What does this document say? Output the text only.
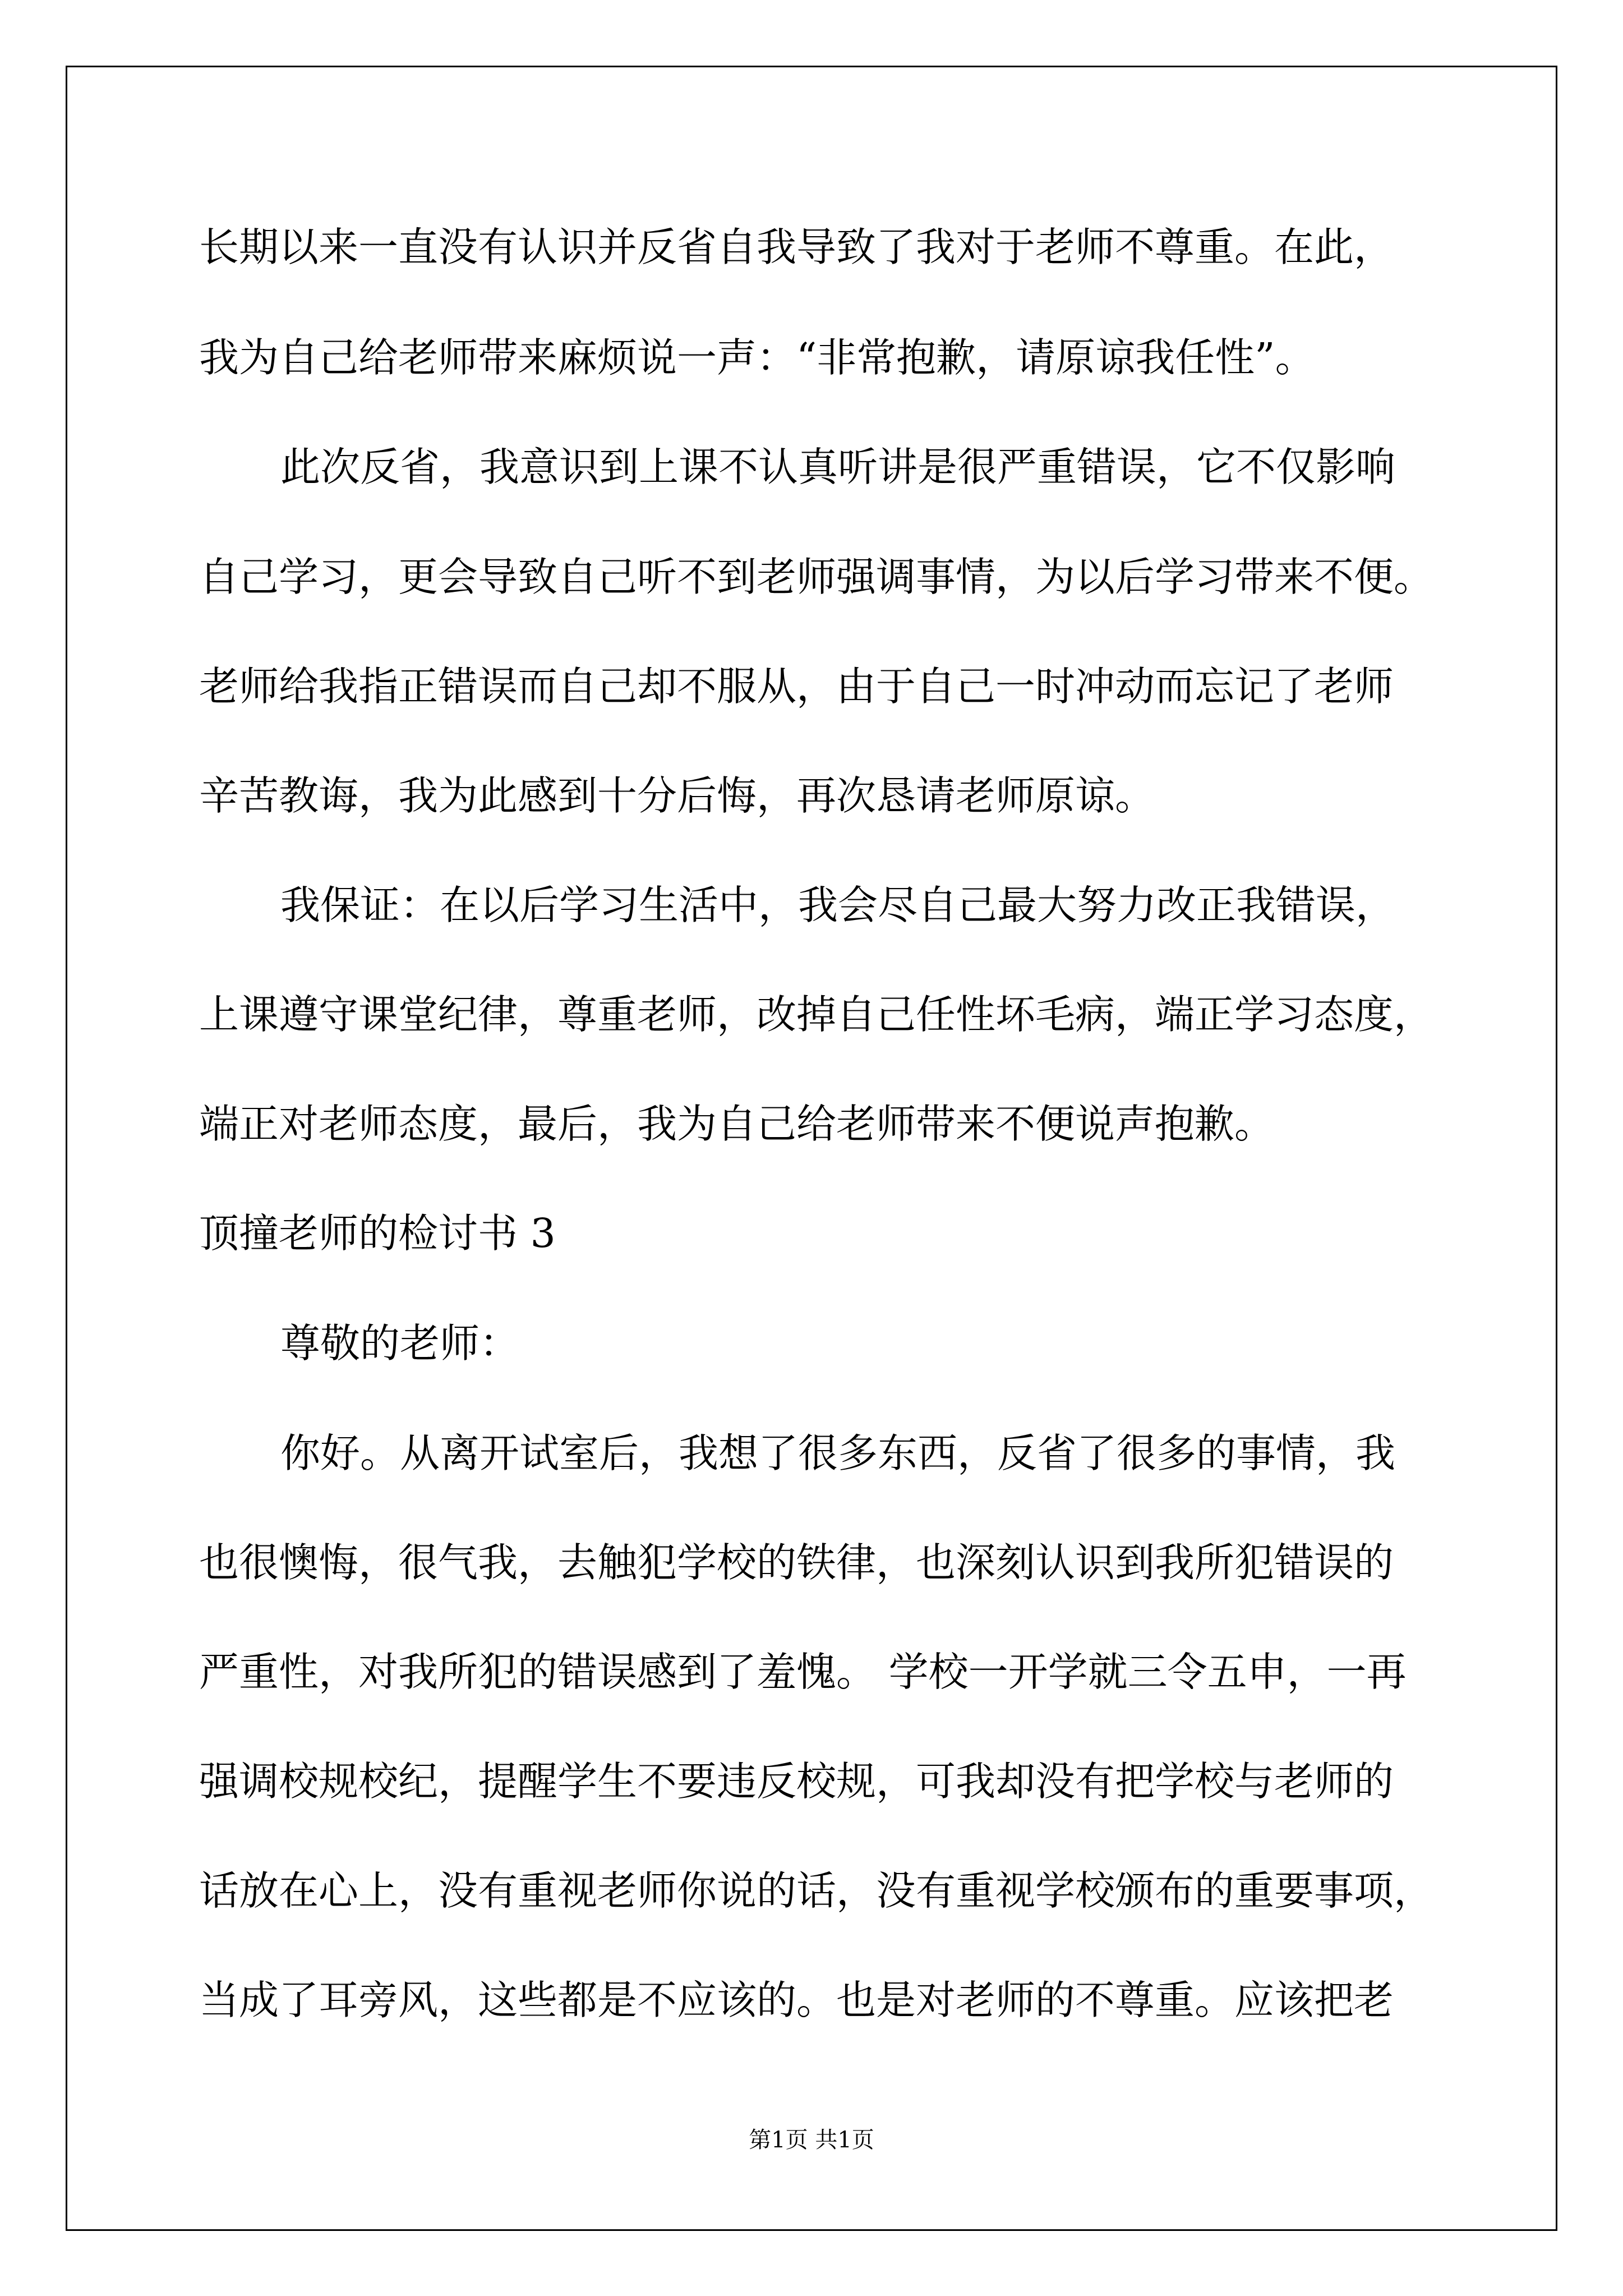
长期以来一直没有认识并反省自我导致了我对于老师不尊重。在此，
我为自己给老师带来麻烦说一声：“非常抱歉，请原谅我任性”。
此次反省，我意识到上课不认真听讲是很严重错误，它不仅影响
自己学习，更会导致自己听不到老师强调事情，为以后学习带来不便。
老师给我指正错误而自己却不服从，由于自己一时冲动而忘记了老师
辛苦教诲，我为此感到十分后悔，再次恳请老师原谅。
我保证：在以后学习生活中，我会尽自己最大努力改正我错误，
上课遵守课堂纪律，尊重老师，改掉自己任性坏毛病，端正学习态度，
端正对老师态度，最后，我为自己给老师带来不便说声抱歉。
顶撞老师的检讨书 3
尊敬的老师：
你好。从离开试室后，我想了很多东西，反省了很多的事情，我
也很懊悔，很气我，去触犯学校的铁律，也深刻认识到我所犯错误的
严重性，对我所犯的错误感到了羞愧。 学校一开学就三令五申，一再
强调校规校纪，提醒学生不要违反校规，可我却没有把学校与老师的
话放在心上，没有重视老师你说的话，没有重视学校颁布的重要事项，
当成了耳旁风，这些都是不应该的。也是对老师的不尊重。应该把老
第1页 共1页
